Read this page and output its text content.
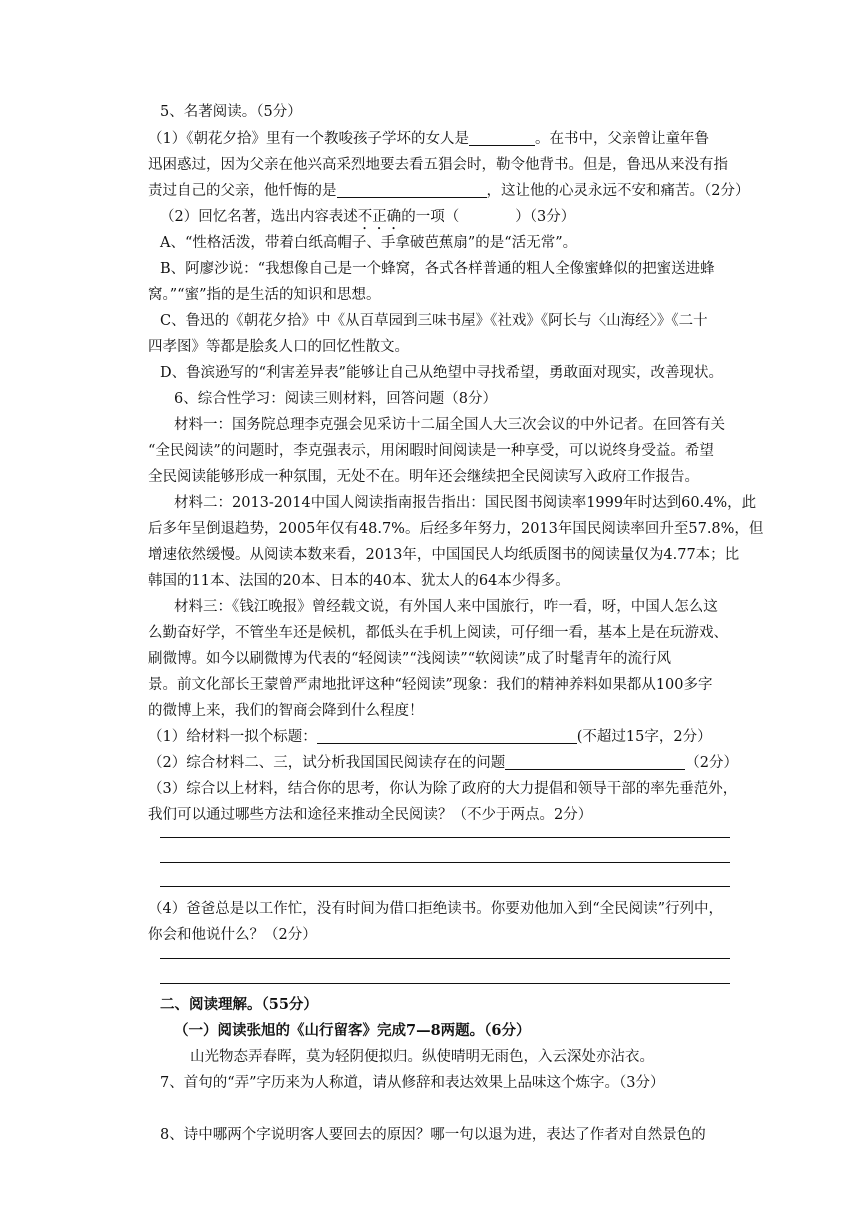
5、名著阅读。（5分）
（1）《朝花夕拾》里有一个教唆孩子学坏的女人是	。在书中，父亲曾让童年鲁
迅困惑过，因为父亲在他兴高采烈地要去看五猖会时，勒令他背书。但是，鲁迅从来没有指
责过自己的父亲，他忏悔的是	，这让他的心灵永远不安和痛苦。（2分）
（2）回忆名著，选出内容表述不正确的一项（	）（3分）
A、“性格活泼，带着白纸高帽子、手拿破芭蕉扇”的是“活无常”。
B、阿廖沙说：“我想像自己是一个蜂窝，各式各样普通的粗人全像蜜蜂似的把蜜送进蜂
窝。”“蜜”指的是生活的知识和思想。
C、鲁迅的《朝花夕拾》中《从百草园到三味书屋》《社戏》《阿长与〈山海经〉》《二十
四孝图》等都是脍炙人口的回忆性散文。
D、鲁滨逊写的“利害差异表”能够让自己从绝望中寻找希望，勇敢面对现实，改善现状。
6、综合性学习：阅读三则材料，回答问题（8分）
材料一：国务院总理李克强会见采访十二届全国人大三次会议的中外记者。在回答有关
“全民阅读”的问题时，李克强表示，用闲暇时间阅读是一种享受，可以说终身受益。希望
全民阅读能够形成一种氛围，无处不在。明年还会继续把全民阅读写入政府工作报告。
材料二：2013-2014中国人阅读指南报告指出：国民图书阅读率1999年时达到60.4%，此
后多年呈倒退趋势，2005年仅有48.7%。后经多年努力，2013年国民阅读率回升至57.8%，但
增速依然缓慢。从阅读本数来看，2013年，中国国民人均纸质图书的阅读量仅为4.77本；比
韩国的11本、法国的20本、日本的40本、犹太人的64本少得多。
材料三：《钱江晚报》曾经载文说，有外国人来中国旅行，咋一看，呀，中国人怎么这
么勤奋好学，不管坐车还是候机，都低头在手机上阅读，可仔细一看，基本上是在玩游戏、
刷微博。如今以刷微博为代表的“轻阅读”“浅阅读”“软阅读”成了时髦青年的流行风
景。前文化部长王蒙曾严肃地批评这种“轻阅读”现象：我们的精神养料如果都从100多字
的微博上来，我们的智商会降到什么程度！
（1）给材料一拟个标题：	(不超过15字，2分）
（2）综合材料二、三，试分析我国国民阅读存在的问题	（2分）
（3）综合以上材料，结合你的思考，你认为除了政府的大力提倡和领导干部的率先垂范外，
我们可以通过哪些方法和途径来推动全民阅读？（不少于两点。2分）
（4）爸爸总是以工作忙，没有时间为借口拒绝读书。你要劝他加入到“全民阅读”行列中，
你会和他说什么？（2分）
二、阅读理解。（55分）
（一）阅读张旭的《山行留客》完成7—8两题。（6分）
山光物态弄春晖，莫为轻阴便拟归。纵使晴明无雨色，入云深处亦沾衣。
7、首句的“弄”字历来为人称道，请从修辞和表达效果上品味这个炼字。（3分）
8、诗中哪两个字说明客人要回去的原因？哪一句以退为进，表达了作者对自然景色的
